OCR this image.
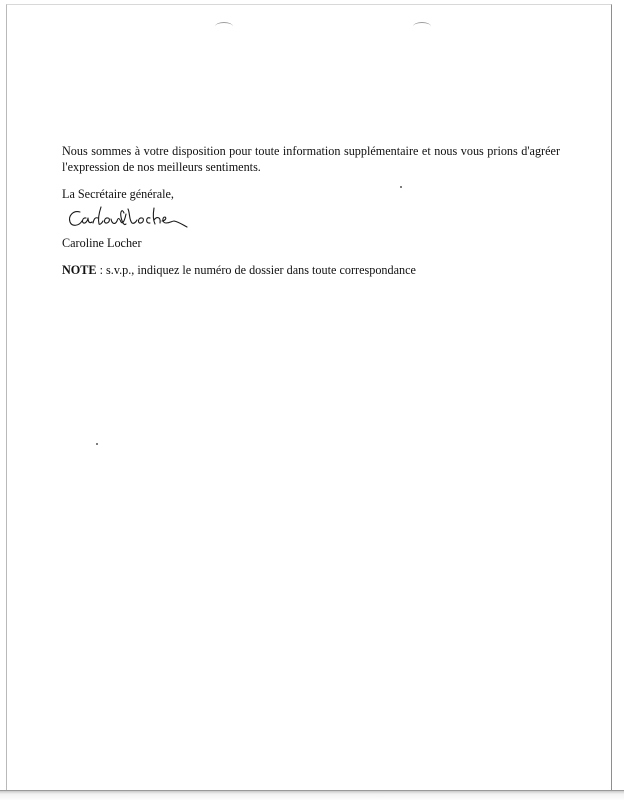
Nous sommes à votre disposition pour toute information supplémentaire et nous vous prions d'agréer l'expression de nos meilleurs sentiments.
La Secrétaire générale,
Caroline Locher
NOTE : s.v.p., indiquez le numéro de dossier dans toute correspondance
